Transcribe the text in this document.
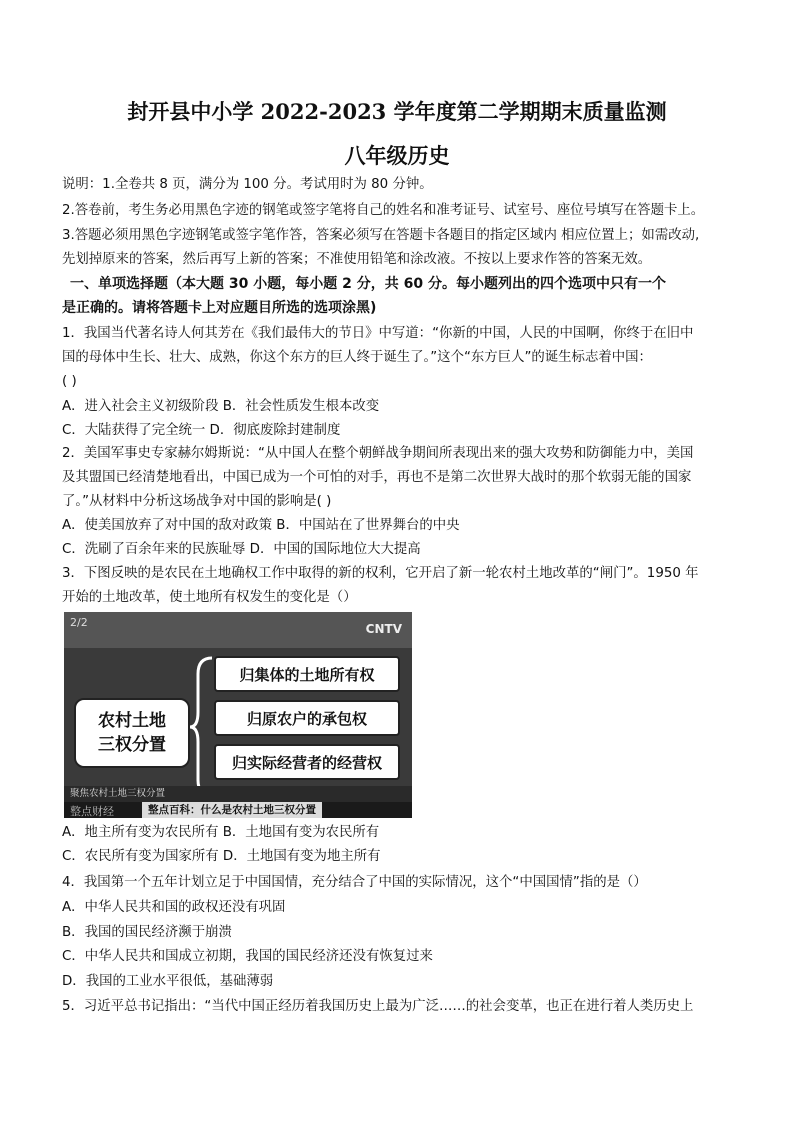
封开县中小学 2022-2023 学年度第二学期期末质量监测
八年级历史
说明：1.全卷共 8 页，满分为 100 分。考试用时为 80 分钟。
2.答卷前，考生务必用黑色字迹的钢笔或签字笔将自己的姓名和准考证号、试室号、座位号填写在答题卡上。
3.答题必须用黑色字迹钢笔或签字笔作答，答案必须写在答题卡各题目的指定区域内 相应位置上；如需改动,
先划掉原来的答案，然后再写上新的答案；不准使用铅笔和涂改液。不按以上要求作答的答案无效。
一、单项选择题（本大题 30 小题，每小题 2 分，共 60 分。每小题列出的四个选项中只有一个
是正确的。请将答题卡上对应题目所选的选项涂黑)
1．我国当代著名诗人何其芳在《我们最伟大的节日》中写道：“你新的中国，人民的中国啊，你终于在旧中
国的母体中生长、壮大、成熟，你这个东方的巨人终于诞生了。”这个“东方巨人”的诞生标志着中国：
( )
A．进入社会主义初级阶段 B．社会性质发生根本改变
C．大陆获得了完全统一 D．彻底废除封建制度
2．美国军事史专家赫尔姆斯说：“从中国人在整个朝鲜战争期间所表现出来的强大攻势和防御能力中，美国
及其盟国已经清楚地看出，中国已成为一个可怕的对手，再也不是第二次世界大战时的那个软弱无能的国家
了。”从材料中分析这场战争对中国的影响是( )
A．使美国放弃了对中国的敌对政策 B．中国站在了世界舞台的中央
C．洗刷了百余年来的民族耻辱 D．中国的国际地位大大提高
3．下图反映的是农民在土地确权工作中取得的新的权利，它开启了新一轮农村土地改革的“闸门”。1950 年
开始的土地改革，使土地所有权发生的变化是（）
2/2	CNTV
农村土地
三权分置
归集体的土地所有权
归原农户的承包权
归实际经营者的经营权
聚焦农村土地三权分置
整点财经	整点百科：什么是农村土地三权分置
A．地主所有变为农民所有 B．土地国有变为农民所有
C．农民所有变为国家所有 D．土地国有变为地主所有
4．我国第一个五年计划立足于中国国情，充分结合了中国的实际情况，这个“中国国情”指的是（）
A．中华人民共和国的政权还没有巩固
B．我国的国民经济濒于崩溃
C．中华人民共和国成立初期，我国的国民经济还没有恢复过来
D．我国的工业水平很低，基础薄弱
5．习近平总书记指出：“当代中国正经历着我国历史上最为广泛……的社会变革，也正在进行着人类历史上
